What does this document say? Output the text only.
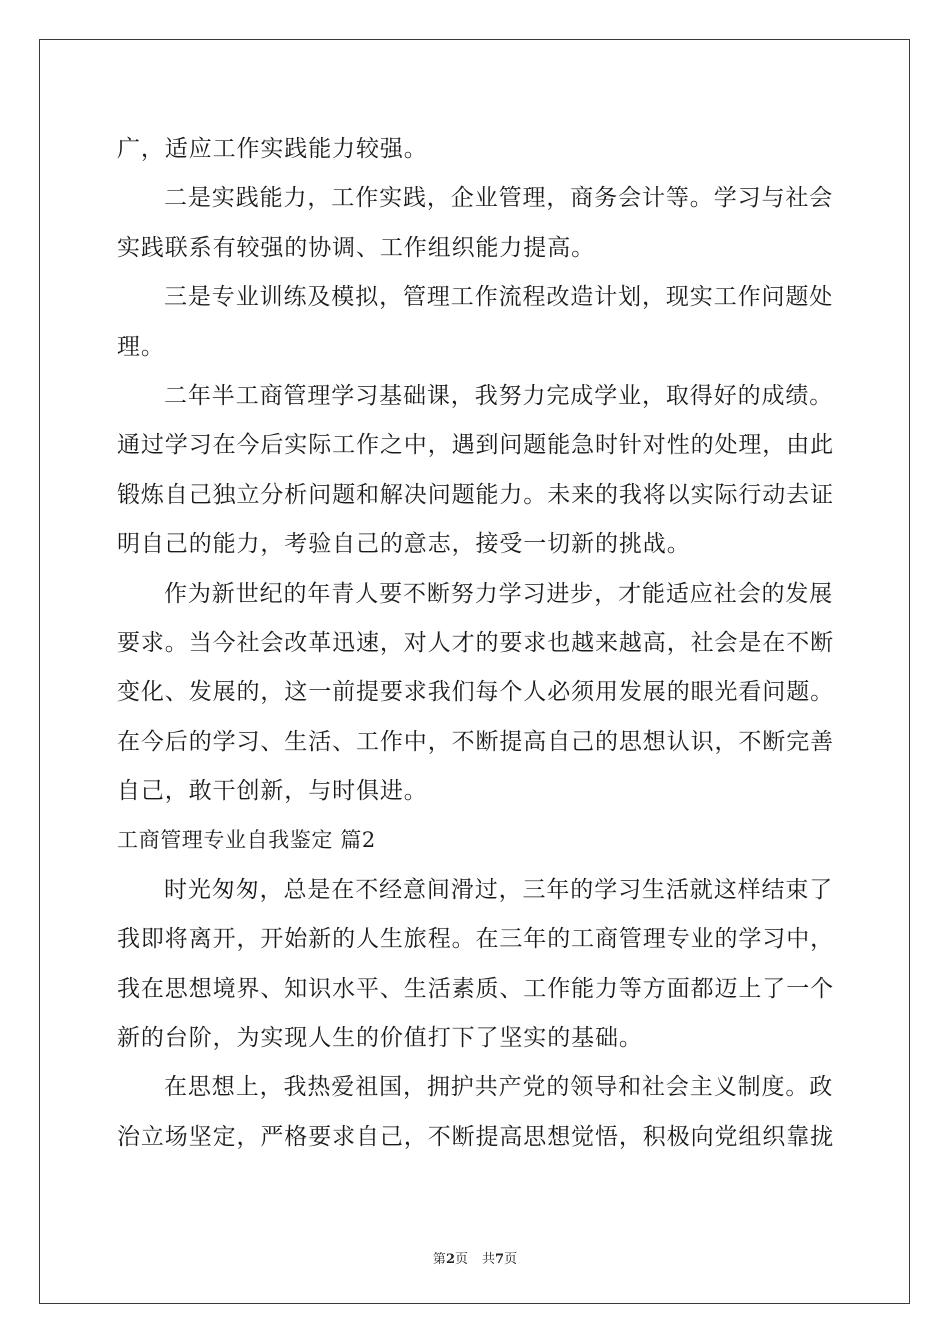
广，适应工作实践能力较强。
二是实践能力，工作实践，企业管理，商务会计等。学习与社会
实践联系有较强的协调、工作组织能力提高。
三是专业训练及模拟，管理工作流程改造计划，现实工作问题处
理。
二年半工商管理学习基础课，我努力完成学业，取得好的成绩。
通过学习在今后实际工作之中，遇到问题能急时针对性的处理，由此
锻炼自己独立分析问题和解决问题能力。未来的我将以实际行动去证
明自己的能力，考验自己的意志，接受一切新的挑战。
作为新世纪的年青人要不断努力学习进步，才能适应社会的发展
要求。当今社会改革迅速，对人才的要求也越来越高，社会是在不断
变化、发展的，这一前提要求我们每个人必须用发展的眼光看问题。
在今后的学习、生活、工作中，不断提高自己的思想认识，不断完善
自己，敢干创新，与时俱进。
工商管理专业自我鉴定 篇2
时光匆匆，总是在不经意间滑过，三年的学习生活就这样结束了
我即将离开，开始新的人生旅程。在三年的工商管理专业的学习中，
我在思想境界、知识水平、生活素质、工作能力等方面都迈上了一个
新的台阶，为实现人生的价值打下了坚实的基础。
在思想上，我热爱祖国，拥护共产党的领导和社会主义制度。政
治立场坚定，严格要求自己，不断提高思想觉悟，积极向党组织靠拢
第2页 共7页
